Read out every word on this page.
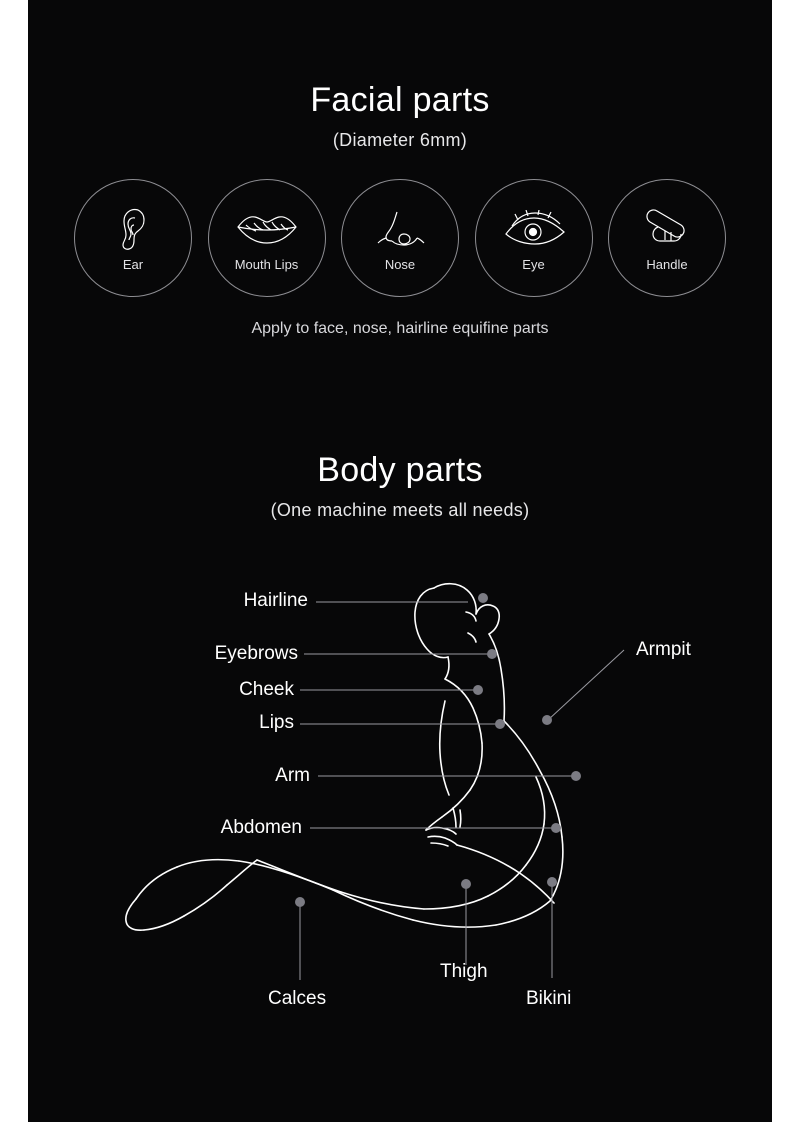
Facial parts
(Diameter 6mm)
Ear	Mouth Lips	Nose	Eye	Handle
Apply to face, nose, hairline equifine parts
Body parts
(One machine meets all needs)
Hairline
Eyebrows
Cheek
Lips
Arm
Abdomen
Armpit
Thigh
Bikini
Calces
